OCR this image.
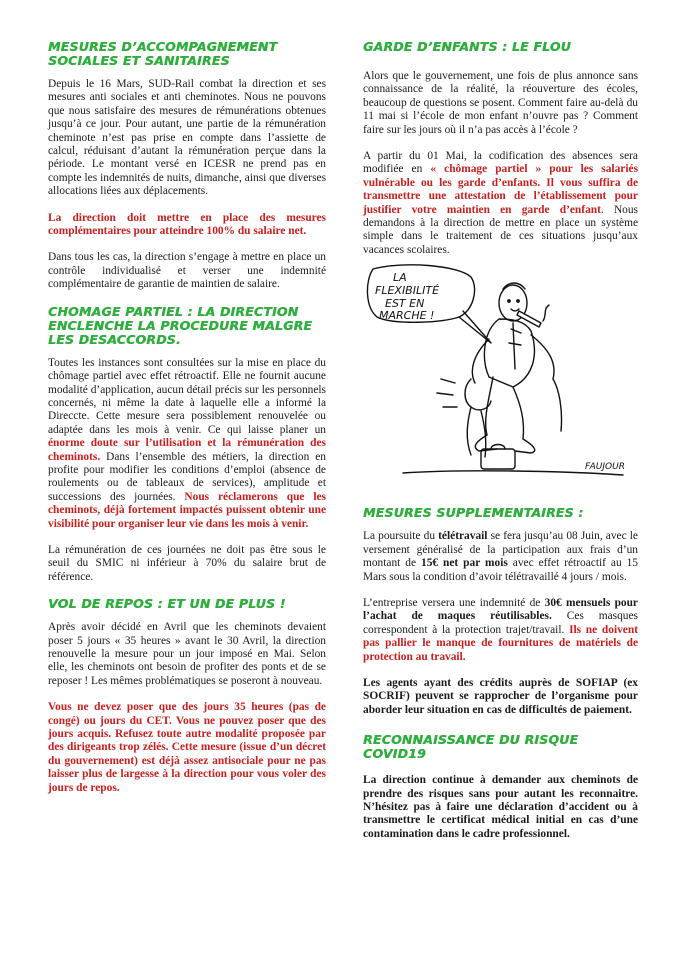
MESURES D’ACCOMPAGNEMENT SOCIALES ET SANITAIRES

Depuis le 16 Mars, SUD-Rail combat la direction et ses mesures anti sociales et anti cheminotes. Nous ne pouvons que nous satisfaire des mesures de rémunérations obtenues jusqu’à ce jour. Pour autant, une partie de la rémunération cheminote n’est pas prise en compte dans l’assiette de calcul, réduisant d’autant la rémunération perçue dans la période. Le montant versé en ICESR ne prend pas en compte les indemnités de nuits, dimanche, ainsi que diverses allocations liées aux déplacements.

La direction doit mettre en place des mesures complémentaires pour atteindre 100% du salaire net.

Dans tous les cas, la direction s’engage à mettre en place un contrôle individualisé et verser une indemnité complémentaire de garantie de maintien de salaire.

CHOMAGE PARTIEL : LA DIRECTION ENCLENCHE LA PROCEDURE MALGRE LES DESACCORDS.

Toutes les instances sont consultées sur la mise en place du chômage partiel avec effet rétroactif. Elle ne fournit aucune modalité d’application, aucun détail précis sur les personnels concernés, ni même la date à laquelle elle a informé la Direccte. Cette mesure sera possiblement renouvelée ou adaptée dans les mois à venir. Ce qui laisse planer un énorme doute sur l’utilisation et la rémunération des cheminots. Dans l’ensemble des métiers, la direction en profite pour modifier les conditions d’emploi (absence de roulements ou de tableaux de services), amplitude et successions des journées. Nous réclamerons que les cheminots, déjà fortement impactés puissent obtenir une visibilité pour organiser leur vie dans les mois à venir.

La rémunération de ces journées ne doit pas être sous le seuil du SMIC ni inférieur à 70% du salaire brut de référence.

VOL DE REPOS : ET UN DE PLUS !

Après avoir décidé en Avril que les cheminots devaient poser 5 jours « 35 heures » avant le 30 Avril, la direction renouvelle la mesure pour un jour imposé en Mai. Selon elle, les cheminots ont besoin de profiter des ponts et de se reposer ! Les mêmes problématiques se poseront à nouveau.

Vous ne devez poser que des jours 35 heures (pas de congé) ou jours du CET. Vous ne pouvez poser que des jours acquis. Refusez toute autre modalité proposée par des dirigeants trop zélés. Cette mesure (issue d’un décret du gouvernement) est déjà assez antisociale pour ne pas laisser plus de largesse à la direction pour vous voler des jours de repos.

GARDE D’ENFANTS : LE FLOU

Alors que le gouvernement, une fois de plus annonce sans connaissance de la réalité, la réouverture des écoles, beaucoup de questions se posent. Comment faire au-delà du 11 mai si l’école de mon enfant n’ouvre pas ? Comment faire sur les jours où il n’a pas accès à l’école ?

A partir du 01 Mai, la codification des absences sera modifiée en « chômage partiel » pour les salariés vulnérable ou les garde d’enfants. Il vous suffira de transmettre une attestation de l’établissement pour justifier votre maintien en garde d’enfant. Nous demandons à la direction de mettre en place un système simple dans le traitement de ces situations jusqu’aux vacances scolaires.

LA
FLEXIBILITÉ
EST EN
MARCHE !
FAUJOUR
MESURES SUPPLEMENTAIRES :

La poursuite du télétravail se fera jusqu’au 08 Juin, avec le versement généralisé de la participation aux frais d’un montant de 15€ net par mois avec effet rétroactif au 15 Mars sous la condition d’avoir télétravaillé 4 jours / mois.

L’entreprise versera une indemnité de 30€ mensuels pour l’achat de maques réutilisables. Ces masques correspondent à la protection trajet/travail. Ils ne doivent pas pallier le manque de fournitures de matériels de protection au travail.

Les agents ayant des crédits auprès de SOFIAP (ex SOCRIF) peuvent se rapprocher de l’organisme pour aborder leur situation en cas de difficultés de paiement.

RECONNAISSANCE DU RISQUE COVID19

La direction continue à demander aux cheminots de prendre des risques sans pour autant les reconnaitre. N’hésitez pas à faire une déclaration d’accident ou à transmettre le certificat médical initial en cas d’une contamination dans le cadre professionnel.
